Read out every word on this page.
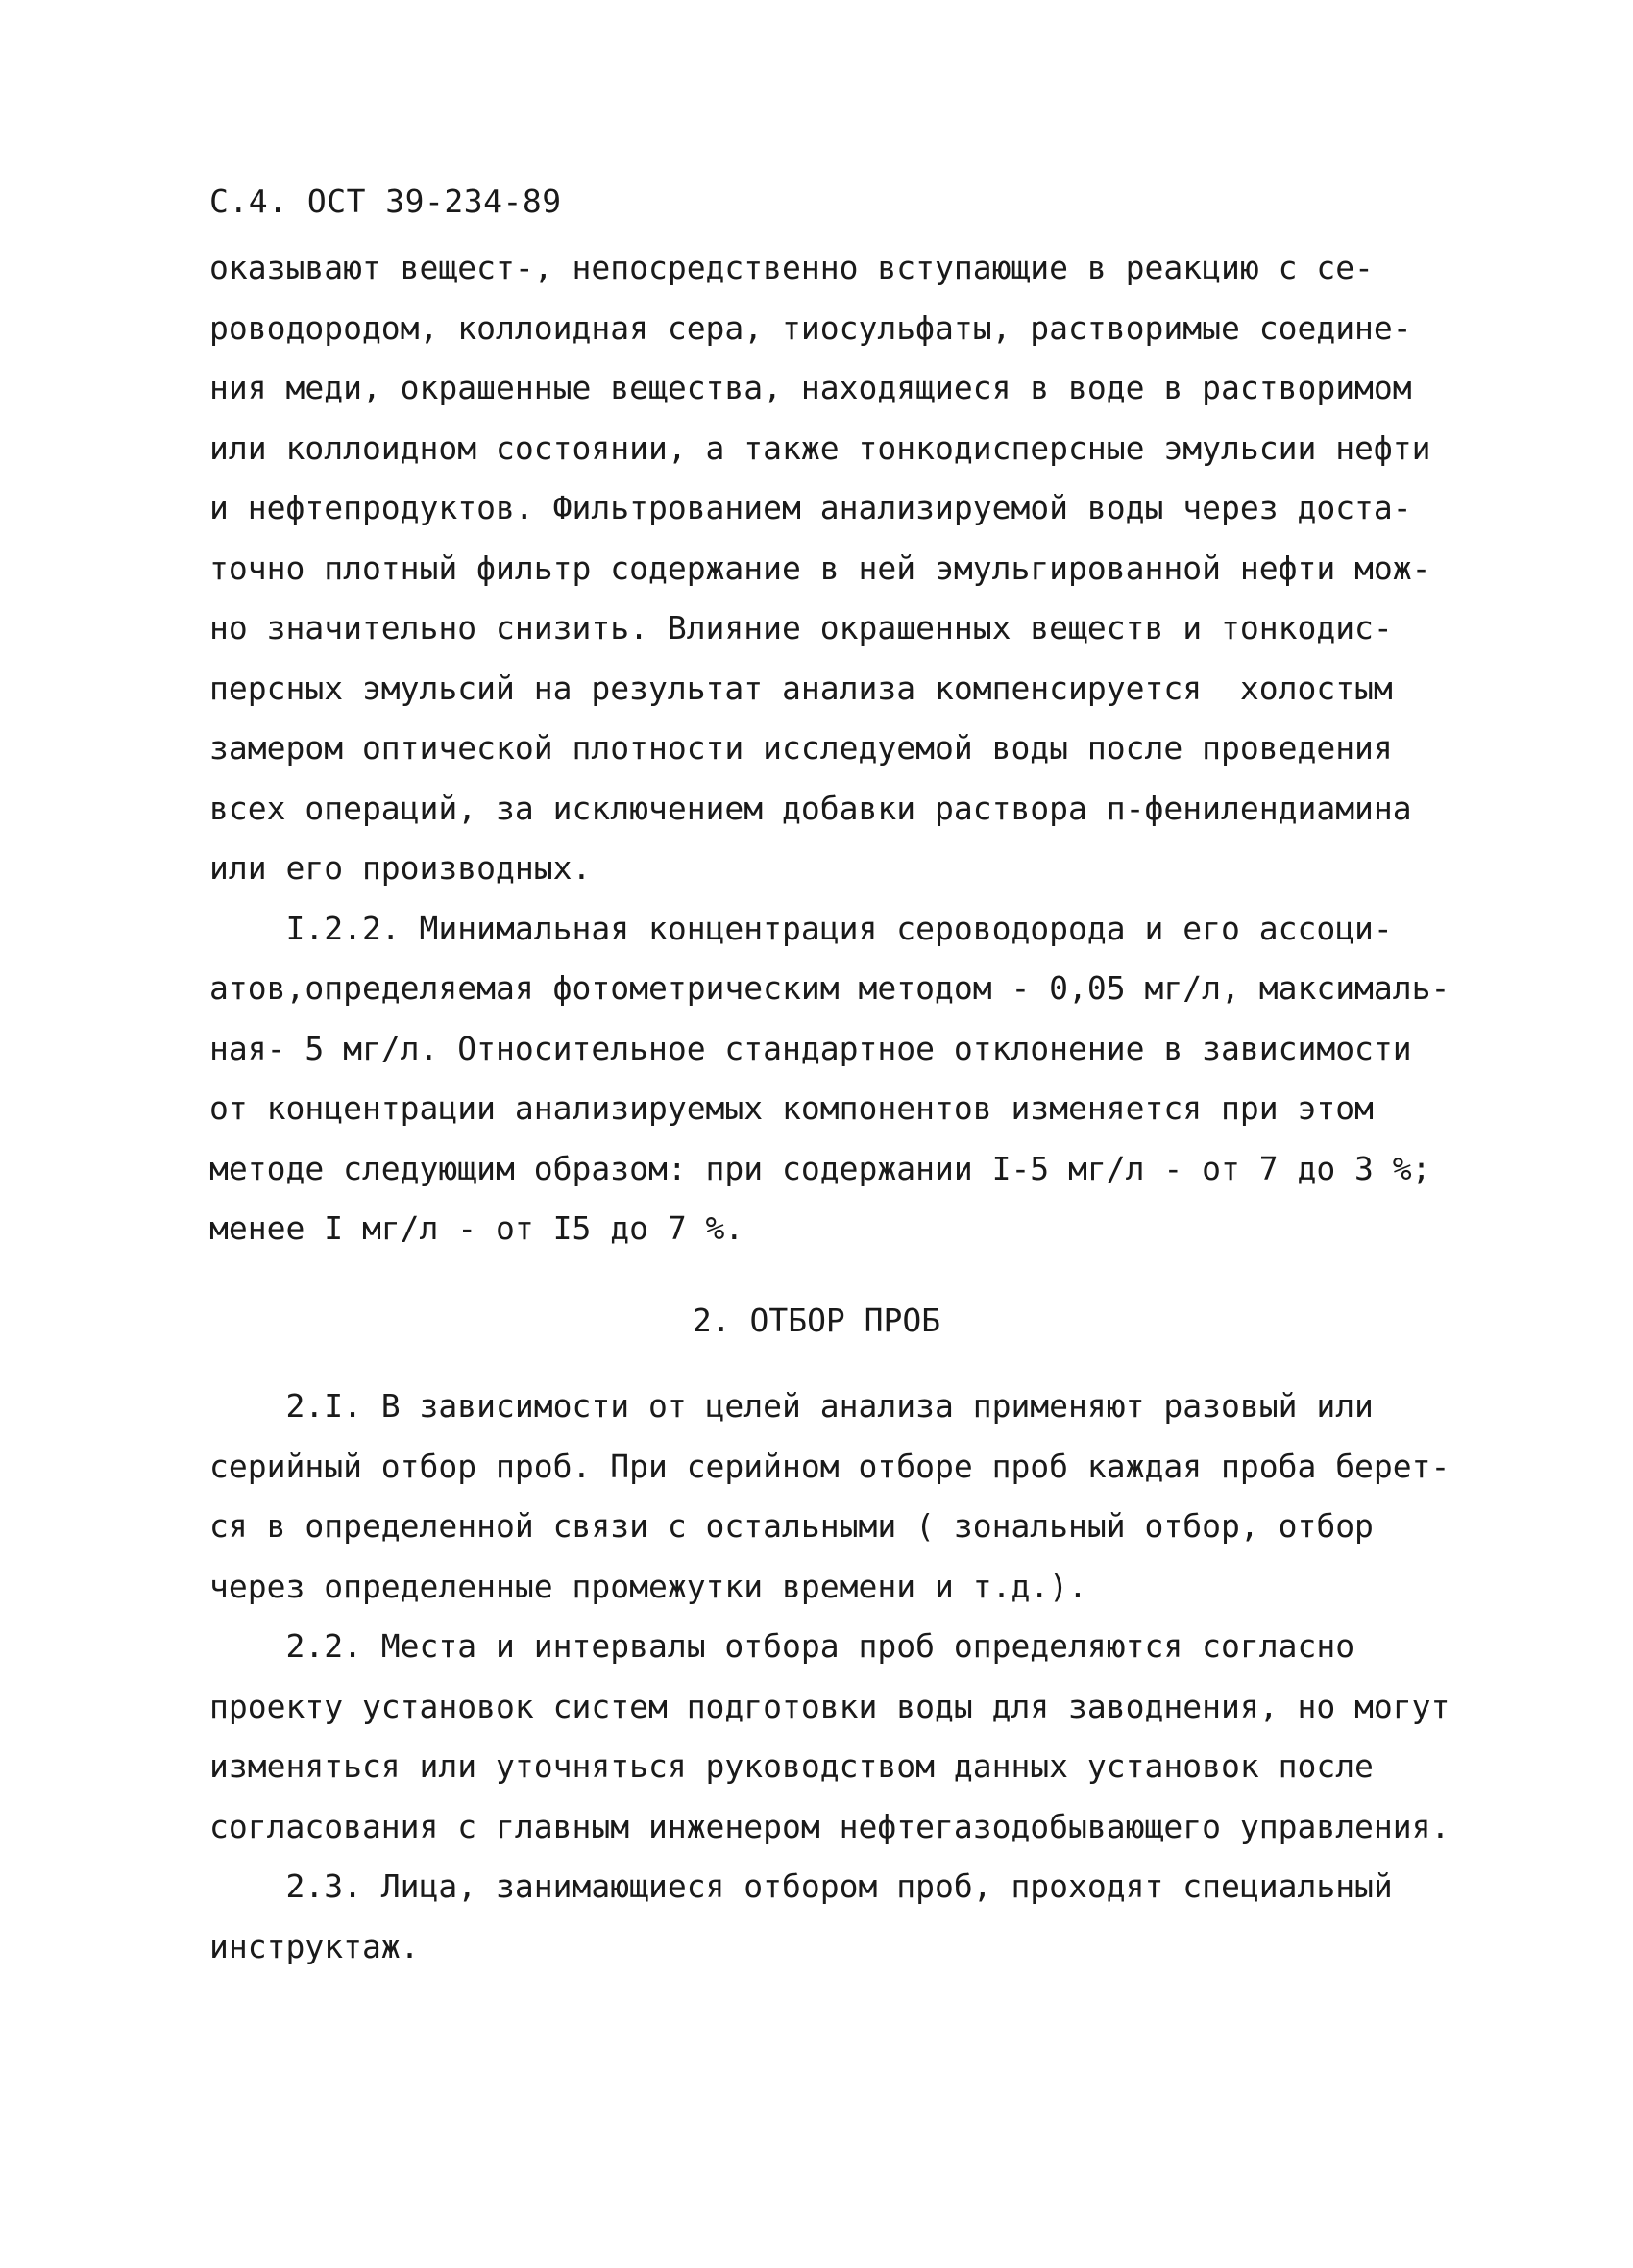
С.4. ОСТ 39-234-89
оказывают вещест‐, непосредственно вступающие в реакцию с се-
роводородом, коллоидная сера, тиосульфаты, растворимые соедине-
ния меди, окрашенные вещества, находящиеся в воде в растворимом
или коллоидном состоянии, а также тонкодисперсные эмульсии нефти
и нефтепродуктов. Фильтрованием анализируемой воды через доста-
точно плотный фильтр содержание в ней эмульгированной нефти мож-
но значительно снизить. Влияние окрашенных веществ и тонкодис-
персных эмульсий на результат анализа компенсируется  холостым
замером оптической плотности исследуемой воды после проведения
всех операций, за исключением добавки раствора п-фенилендиамина
или его производных.
I.2.2. Минимальная концентрация сероводорода и его ассоци-
атов,определяемая фотометрическим методом - 0,05 мг/л, максималь-
ная- 5 мг/л. Относительное стандартное отклонение в зависимости
от концентрации анализируемых компонентов изменяется при этом
методе следующим образом: при содержании I-5 мг/л - от 7 до 3 %;
менее I мг/л - от I5 до 7 %.
2. ОТБОР ПРОБ
2.I. В зависимости от целей анализа применяют разовый или
серийный отбор проб. При серийном отборе проб каждая проба берет-
ся в определенной связи с остальными ( зональный отбор, отбор
через определенные промежутки времени и т.д.).
2.2. Места и интервалы отбора проб определяются согласно
проекту установок систем подготовки воды для заводнения, но могут
изменяться или уточняться руководством данных установок после
согласования с главным инженером нефтегазодобывающего управления.
2.3. Лица, занимающиеся отбором проб, проходят специальный
инструктаж.
